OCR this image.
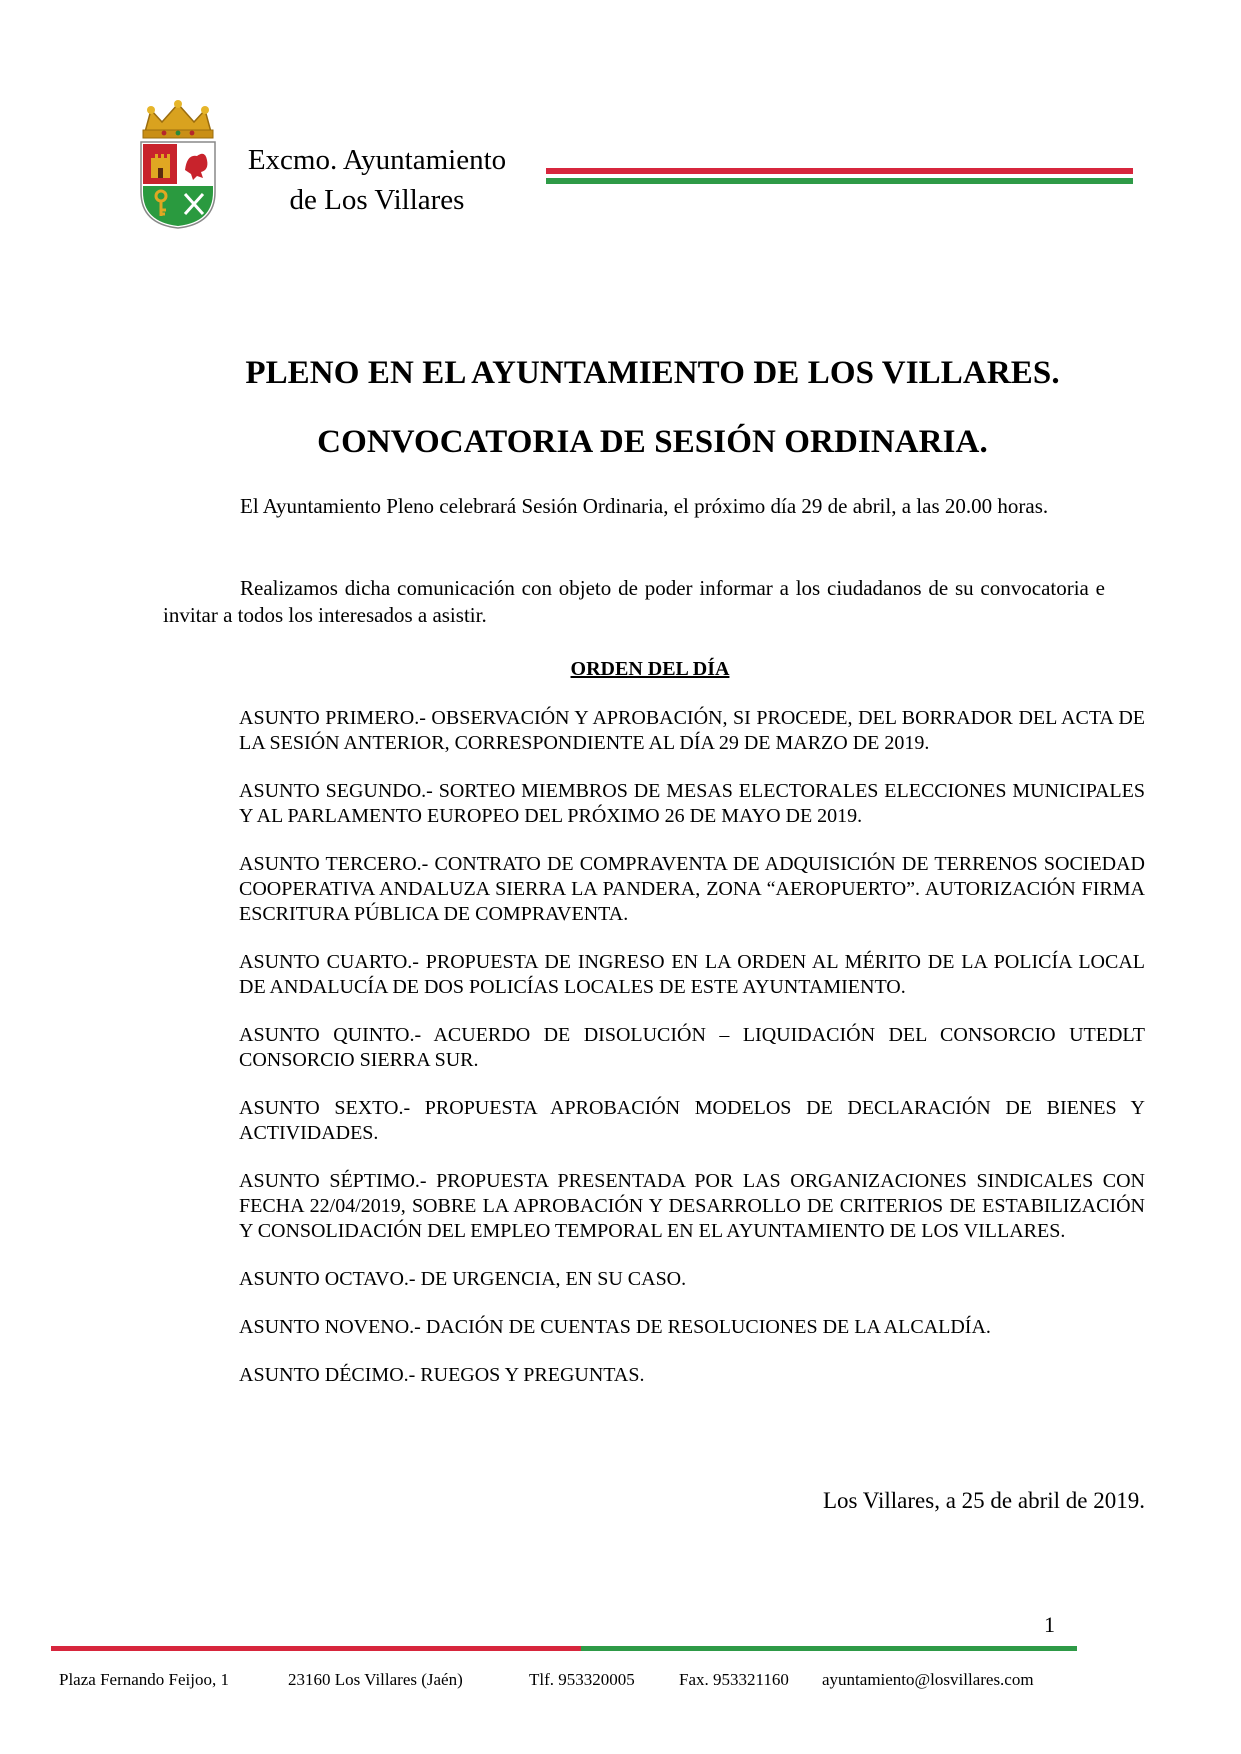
Excmo. Ayuntamiento
de Los Villares
PLENO EN EL AYUNTAMIENTO DE LOS VILLARES.
CONVOCATORIA DE SESIÓN ORDINARIA.
El Ayuntamiento Pleno celebrará Sesión Ordinaria, el próximo día 29 de abril, a las 20.00 horas.
Realizamos dicha comunicación con objeto de poder informar a los ciudadanos de su convocatoria e invitar a todos los interesados a asistir.
ORDEN DEL DÍA
ASUNTO PRIMERO.- OBSERVACIÓN Y APROBACIÓN, SI PROCEDE, DEL BORRADOR DEL ACTA DE LA SESIÓN ANTERIOR, CORRESPONDIENTE AL DÍA 29 DE MARZO DE 2019.
ASUNTO SEGUNDO.- SORTEO MIEMBROS DE MESAS ELECTORALES ELECCIONES MUNICIPALES Y AL PARLAMENTO EUROPEO DEL PRÓXIMO 26 DE MAYO DE 2019.
ASUNTO TERCERO.- CONTRATO DE COMPRAVENTA DE ADQUISICIÓN DE TERRENOS SOCIEDAD COOPERATIVA ANDALUZA SIERRA LA PANDERA, ZONA “AEROPUERTO”. AUTORIZACIÓN FIRMA ESCRITURA PÚBLICA DE COMPRAVENTA.
ASUNTO CUARTO.- PROPUESTA DE INGRESO EN LA ORDEN AL MÉRITO DE LA POLICÍA LOCAL DE ANDALUCÍA DE DOS POLICÍAS LOCALES DE ESTE AYUNTAMIENTO.
ASUNTO QUINTO.- ACUERDO DE DISOLUCIÓN – LIQUIDACIÓN DEL CONSORCIO UTEDLT CONSORCIO SIERRA SUR.
ASUNTO SEXTO.- PROPUESTA APROBACIÓN MODELOS DE DECLARACIÓN DE BIENES Y ACTIVIDADES.
ASUNTO SÉPTIMO.- PROPUESTA PRESENTADA POR LAS ORGANIZACIONES SINDICALES CON FECHA 22/04/2019, SOBRE LA APROBACIÓN Y DESARROLLO DE CRITERIOS DE ESTABILIZACIÓN Y CONSOLIDACIÓN DEL EMPLEO TEMPORAL EN EL AYUNTAMIENTO DE LOS VILLARES.
ASUNTO OCTAVO.- DE URGENCIA, EN SU CASO.
ASUNTO NOVENO.- DACIÓN DE CUENTAS DE RESOLUCIONES DE LA ALCALDÍA.
ASUNTO DÉCIMO.- RUEGOS Y PREGUNTAS.
Los Villares, a 25 de abril de 2019.
1
Plaza Fernando Feijoo, 1	23160 Los Villares (Jaén)	Tlf. 953320005	Fax. 953321160 ayuntamiento@losvillares.com
